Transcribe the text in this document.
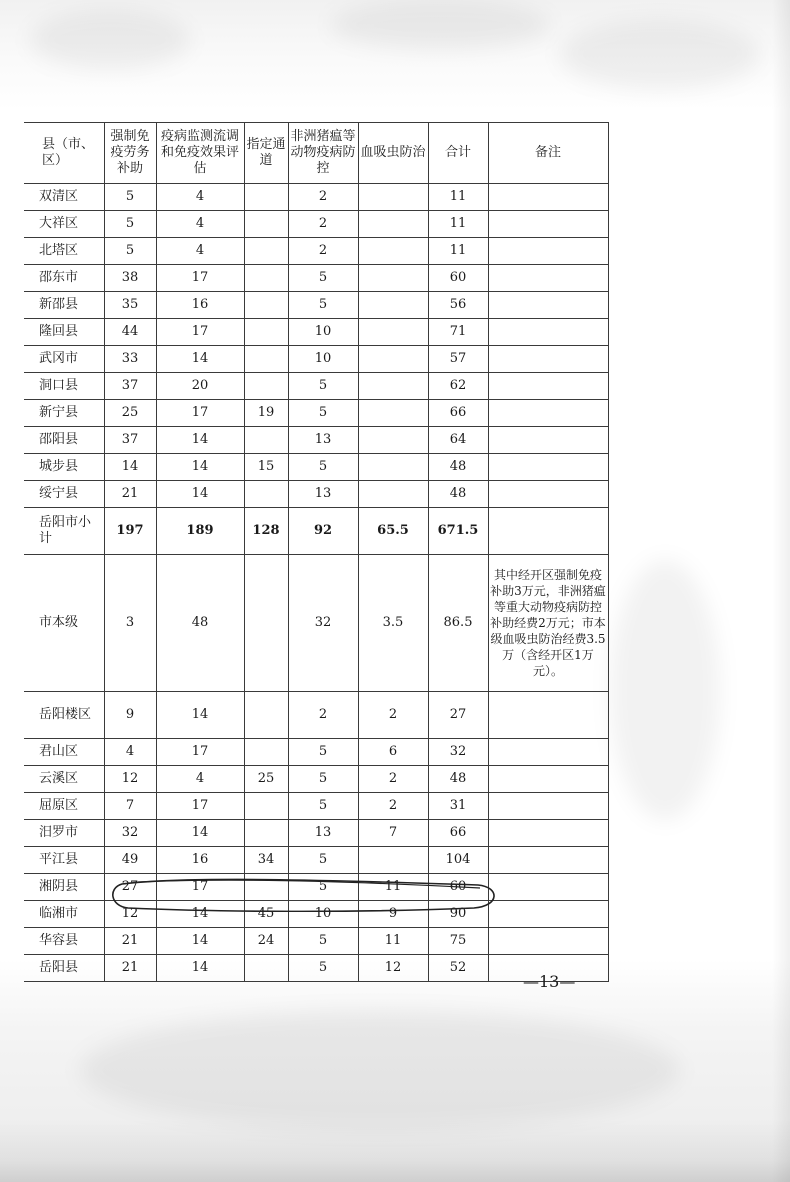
县（市、区）	强制免疫劳务补助	疫病监测流调和免疫效果评估	指定通道	非洲猪瘟等动物疫病防控	血吸虫防治	合计	备注
双清区	5	4		2		11	
大祥区	5	4		2		11	
北塔区	5	4		2		11	
邵东市	38	17		5		60	
新邵县	35	16		5		56	
隆回县	44	17		10		71	
武冈市	33	14		10		57	
洞口县	37	20		5		62	
新宁县	25	17	19	5		66	
邵阳县	37	14		13		64	
城步县	14	14	15	5		48	
绥宁县	21	14		13		48	
岳阳市小计	197	189	128	92	65.5	671.5	
市本级	3	48		32	3.5	86.5	其中经开区强制免疫补助3万元，非洲猪瘟等重大动物疫病防控补助经费2万元；市本级血吸虫防治经费3.5万（含经开区1万元）。
岳阳楼区	9	14		2	2	27	
君山区	4	17		5	6	32	
云溪区	12	4	25	5	2	48	
屈原区	7	17		5	2	31	
汨罗市	32	14		13	7	66	
平江县	49	16	34	5		104	
湘阴县	27	17		5	11	60	
临湘市	12	14	45	10	9	90	
华容县	21	14	24	5	11	75	
岳阳县	21	14		5	12	52	
—13—
